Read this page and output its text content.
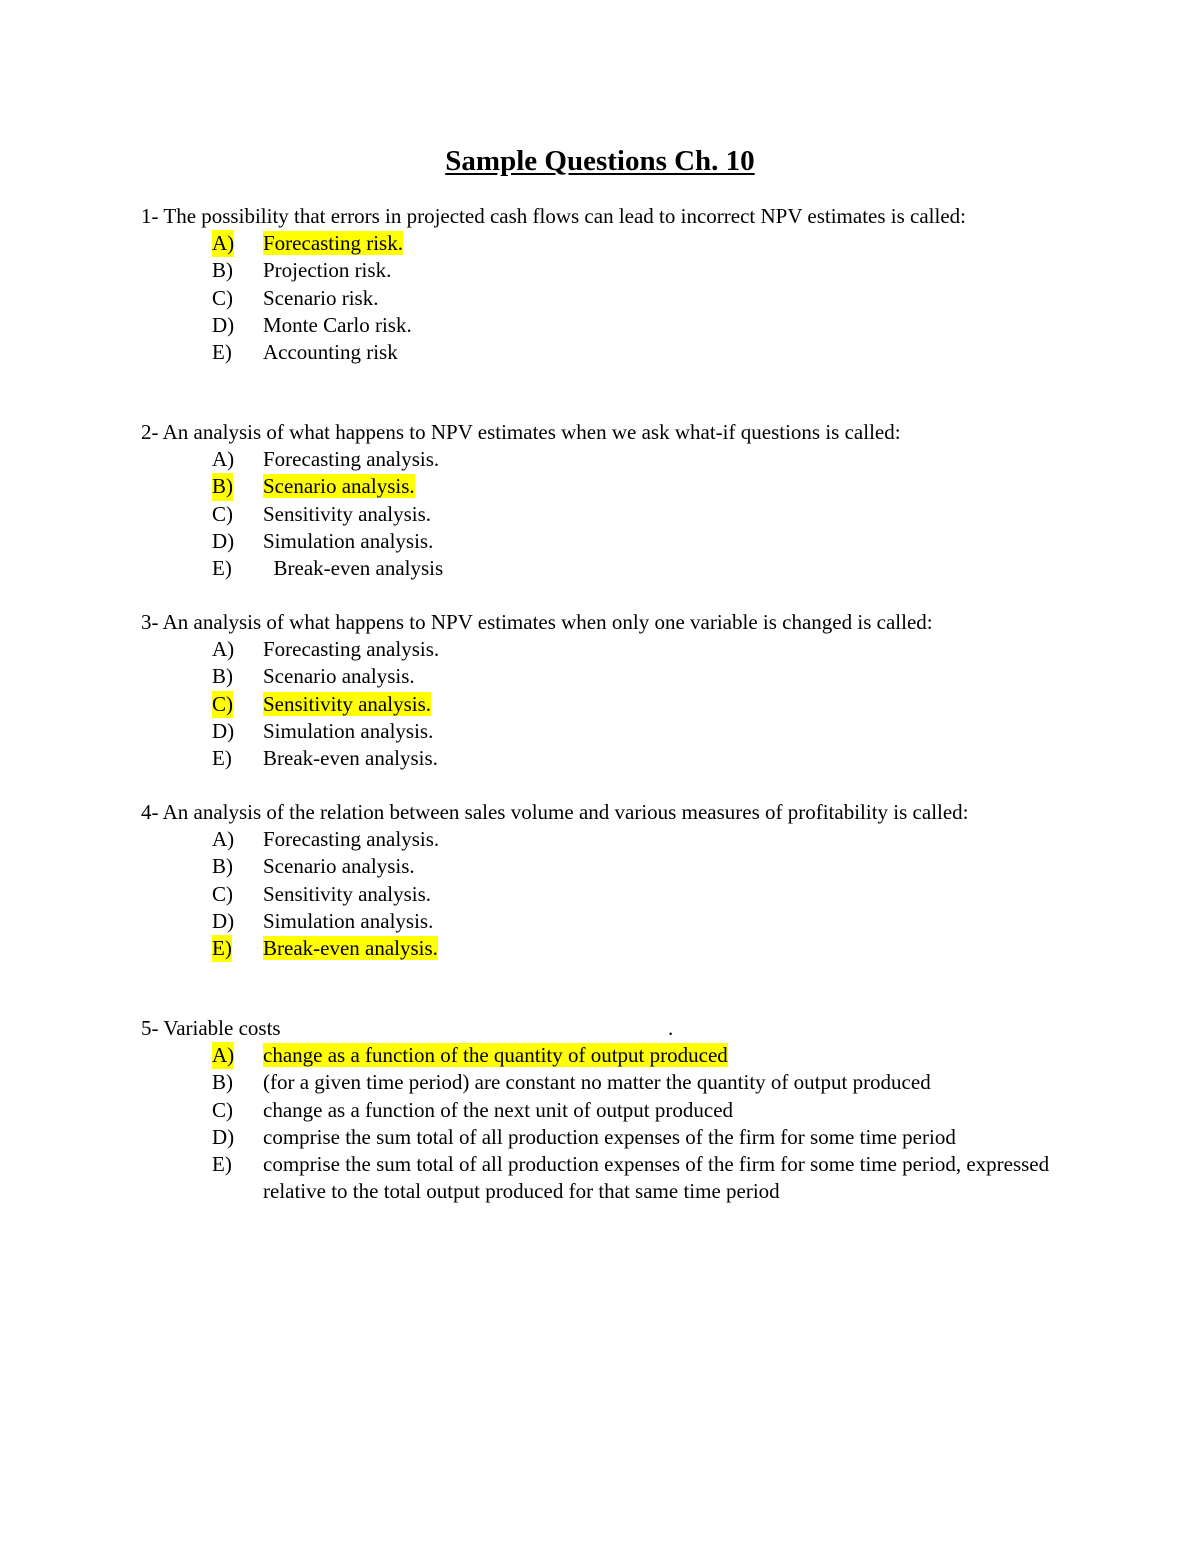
Sample Questions Ch. 10
1- The possibility that errors in projected cash flows can lead to incorrect NPV estimates is called:
A) Forecasting risk.
B) Projection risk.
C) Scenario risk.
D) Monte Carlo risk.
E) Accounting risk
2- An analysis of what happens to NPV estimates when we ask what-if questions is called:
A) Forecasting analysis.
B) Scenario analysis.
C) Sensitivity analysis.
D) Simulation analysis.
E) Break-even analysis
3- An analysis of what happens to NPV estimates when only one variable is changed is called:
A) Forecasting analysis.
B) Scenario analysis.
C) Sensitivity analysis.
D) Simulation analysis.
E) Break-even analysis.
4- An analysis of the relation between sales volume and various measures of profitability is called:
A) Forecasting analysis.
B) Scenario analysis.
C) Sensitivity analysis.
D) Simulation analysis.
E) Break-even analysis.
5- Variable costs	.
A) change as a function of the quantity of output produced
B) (for a given time period) are constant no matter the quantity of output produced
C) change as a function of the next unit of output produced
D) comprise the sum total of all production expenses of the firm for some time period
E) comprise the sum total of all production expenses of the firm for some time period, expressed relative to the total output produced for that same time period
